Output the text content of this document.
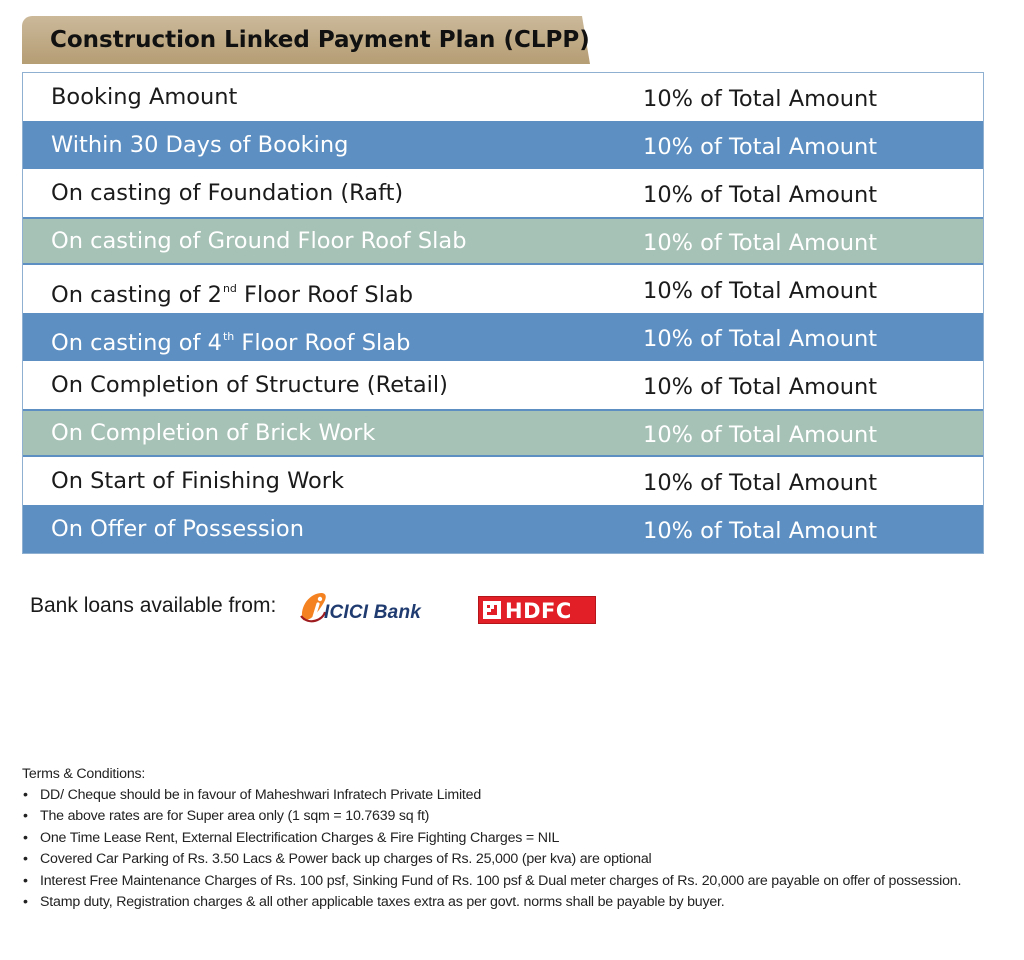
Construction Linked Payment Plan (CLPP)
Booking Amount	10% of Total Amount
Within 30 Days of Booking	10% of Total Amount
On casting of Foundation (Raft)	10% of Total Amount
On casting of Ground Floor Roof Slab	10% of Total Amount
On casting of 2nd Floor Roof Slab	10% of Total Amount
On casting of 4th Floor Roof Slab	10% of Total Amount
On Completion of Structure (Retail)	10% of Total Amount
On Completion of Brick Work	10% of Total Amount
On Start of Finishing Work	10% of Total Amount
On Offer of Possession	10% of Total Amount
Bank loans available from:	ICICI Bank	HDFC
Terms & Conditions:
• DD/ Cheque should be in favour of Maheshwari Infratech Private Limited
• The above rates are for Super area only (1 sqm = 10.7639 sq ft)
• One Time Lease Rent, External Electrification Charges & Fire Fighting Charges = NIL
• Covered Car Parking of Rs. 3.50 Lacs & Power back up charges of Rs. 25,000 (per kva) are optional
• Interest Free Maintenance Charges of Rs. 100 psf, Sinking Fund of Rs. 100 psf & Dual meter charges of Rs. 20,000 are payable on offer of possession.
• Stamp duty, Registration charges & all other applicable taxes extra as per govt. norms shall be payable by buyer.
